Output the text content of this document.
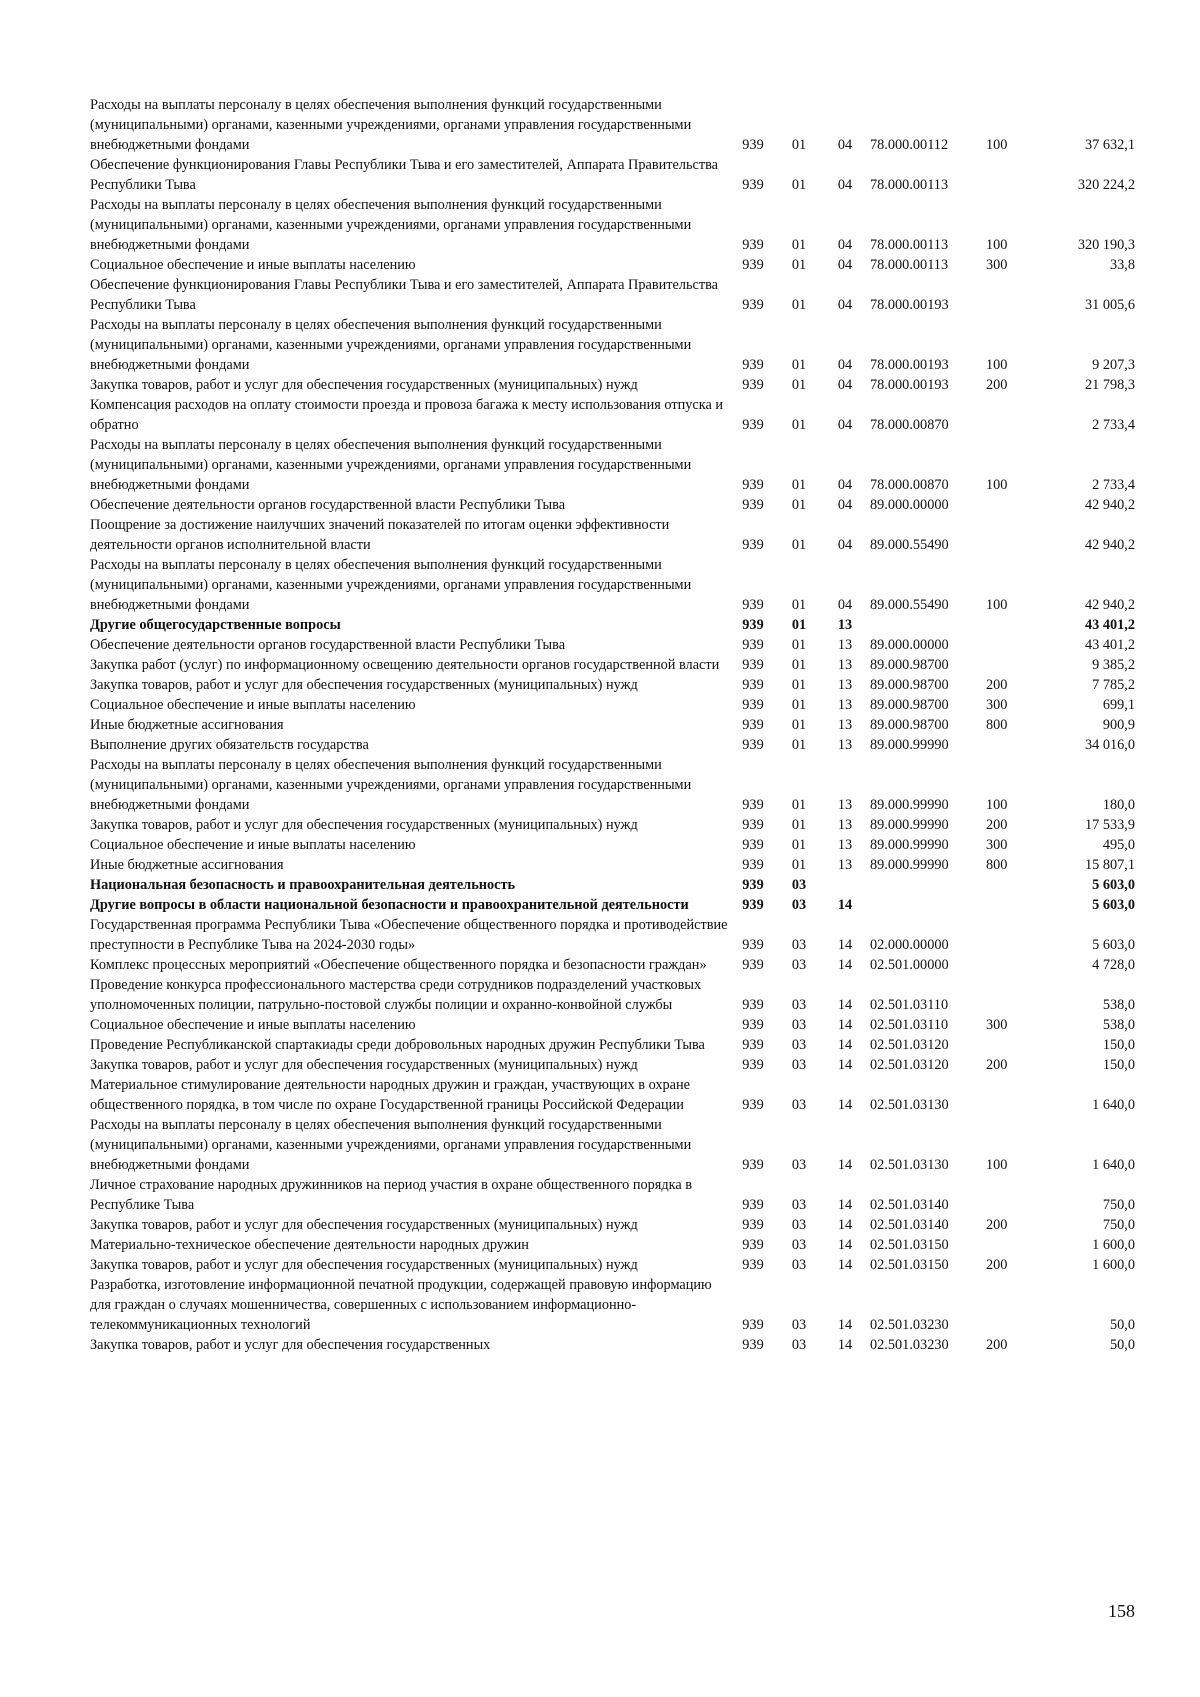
Расходы на выплаты персоналу в целях обеспечения выполнения функций государственными (муниципальными) органами, казенными учреждениями, органами управления государственными внебюджетными фондами	939	01	04	78.000.00112	100	37 632,1
Обеспечение функционирования Главы Республики Тыва и его заместителей, Аппарата Правительства Республики Тыва	939	01	04	78.000.00113		320 224,2
Расходы на выплаты персоналу в целях обеспечения выполнения функций государственными (муниципальными) органами, казенными учреждениями, органами управления государственными внебюджетными фондами	939	01	04	78.000.00113	100	320 190,3
Социальное обеспечение и иные выплаты населению	939	01	04	78.000.00113	300	33,8
Обеспечение функционирования Главы Республики Тыва и его заместителей, Аппарата Правительства Республики Тыва	939	01	04	78.000.00193		31 005,6
Расходы на выплаты персоналу в целях обеспечения выполнения функций государственными (муниципальными) органами, казенными учреждениями, органами управления государственными внебюджетными фондами	939	01	04	78.000.00193	100	9 207,3
Закупка товаров, работ и услуг для обеспечения государственных (муниципальных) нужд	939	01	04	78.000.00193	200	21 798,3
Компенсация расходов на оплату стоимости проезда и провоза багажа к месту использования отпуска и обратно	939	01	04	78.000.00870		2 733,4
Расходы на выплаты персоналу в целях обеспечения выполнения функций государственными (муниципальными) органами, казенными учреждениями, органами управления государственными внебюджетными фондами	939	01	04	78.000.00870	100	2 733,4
Обеспечение деятельности органов государственной власти Республики Тыва	939	01	04	89.000.00000		42 940,2
Поощрение за достижение наилучших значений показателей по итогам оценки эффективности деятельности органов исполнительной власти	939	01	04	89.000.55490		42 940,2
Расходы на выплаты персоналу в целях обеспечения выполнения функций государственными (муниципальными) органами, казенными учреждениями, органами управления государственными внебюджетными фондами	939	01	04	89.000.55490	100	42 940,2
Другие общегосударственные вопросы	939	01	13			43 401,2
Обеспечение деятельности органов государственной власти Республики Тыва	939	01	13	89.000.00000		43 401,2
Закупка работ (услуг) по информационному освещению деятельности органов государственной власти	939	01	13	89.000.98700		9 385,2
Закупка товаров, работ и услуг для обеспечения государственных (муниципальных) нужд	939	01	13	89.000.98700	200	7 785,2
Социальное обеспечение и иные выплаты населению	939	01	13	89.000.98700	300	699,1
Иные бюджетные ассигнования	939	01	13	89.000.98700	800	900,9
Выполнение других обязательств государства	939	01	13	89.000.99990		34 016,0
Расходы на выплаты персоналу в целях обеспечения выполнения функций государственными (муниципальными) органами, казенными учреждениями, органами управления государственными внебюджетными фондами	939	01	13	89.000.99990	100	180,0
Закупка товаров, работ и услуг для обеспечения государственных (муниципальных) нужд	939	01	13	89.000.99990	200	17 533,9
Социальное обеспечение и иные выплаты населению	939	01	13	89.000.99990	300	495,0
Иные бюджетные ассигнования	939	01	13	89.000.99990	800	15 807,1
Национальная безопасность и правоохранительная деятельность	939	03				5 603,0
Другие вопросы в области национальной безопасности и правоохранительной деятельности	939	03	14			5 603,0
Государственная программа Республики Тыва «Обеспечение общественного порядка и противодействие преступности в Республике Тыва на 2024-2030 годы»	939	03	14	02.000.00000		5 603,0
Комплекс процессных мероприятий «Обеспечение общественного порядка и безопасности граждан»	939	03	14	02.501.00000		4 728,0
Проведение конкурса профессионального мастерства среди сотрудников подразделений участковых уполномоченных полиции, патрульно-постовой службы полиции и охранно-конвойной службы	939	03	14	02.501.03110		538,0
Социальное обеспечение и иные выплаты населению	939	03	14	02.501.03110	300	538,0
Проведение Республиканской спартакиады среди добровольных народных дружин Республики Тыва	939	03	14	02.501.03120		150,0
Закупка товаров, работ и услуг для обеспечения государственных (муниципальных) нужд	939	03	14	02.501.03120	200	150,0
Материальное стимулирование деятельности народных дружин и граждан, участвующих в охране общественного порядка, в том числе по охране Государственной границы Российской Федерации	939	03	14	02.501.03130		1 640,0
Расходы на выплаты персоналу в целях обеспечения выполнения функций государственными (муниципальными) органами, казенными учреждениями, органами управления государственными внебюджетными фондами	939	03	14	02.501.03130	100	1 640,0
Личное страхование народных дружинников на период участия в охране общественного порядка в Республике Тыва	939	03	14	02.501.03140		750,0
Закупка товаров, работ и услуг для обеспечения государственных (муниципальных) нужд	939	03	14	02.501.03140	200	750,0
Материально-техническое обеспечение деятельности народных дружин	939	03	14	02.501.03150		1 600,0
Закупка товаров, работ и услуг для обеспечения государственных (муниципальных) нужд	939	03	14	02.501.03150	200	1 600,0
Разработка, изготовление информационной печатной продукции, содержащей правовую информацию для граждан о случаях мошенничества, совершенных с использованием информационно-телекоммуникационных технологий	939	03	14	02.501.03230		50,0
Закупка товаров, работ и услуг для обеспечения государственных	939	03	14	02.501.03230	200	50,0
158
